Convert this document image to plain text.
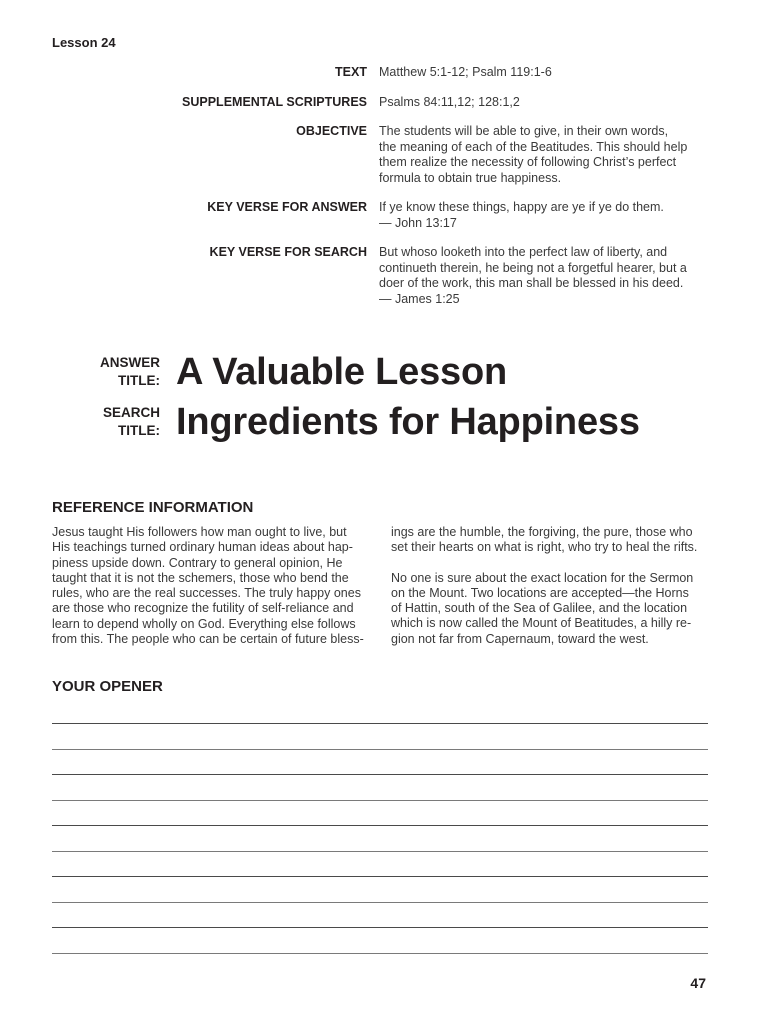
Lesson 24
TEXT Matthew 5:1-12; Psalm 119:1-6
SUPPLEMENTAL SCRIPTURES Psalms 84:11,12; 128:1,2
OBJECTIVE The students will be able to give, in their own words,
the meaning of each of the Beatitudes. This should help
them realize the necessity of following Christ’s perfect
formula to obtain true happiness.
KEY VERSE FOR ANSWER If ye know these things, happy are ye if ye do them.
— John 13:17
KEY VERSE FOR SEARCH But whoso looketh into the perfect law of liberty, and
continueth therein, he being not a forgetful hearer, but a
doer of the work, this man shall be blessed in his deed.
— James 1:25
ANSWER
TITLE: A Valuable Lesson
SEARCH
TITLE: Ingredients for Happiness
REFERENCE INFORMATION
Jesus taught His followers how man ought to live, but
His teachings turned ordinary human ideas about hap-
piness upside down. Contrary to general opinion, He
taught that it is not the schemers, those who bend the
rules, who are the real successes. The truly happy ones
are those who recognize the futility of self-reliance and
learn to depend wholly on God. Everything else follows
from this. The people who can be certain of future bless-
ings are the humble, the forgiving, the pure, those who
set their hearts on what is right, who try to heal the rifts.
No one is sure about the exact location for the Sermon
on the Mount. Two locations are accepted—the Horns
of Hattin, south of the Sea of Galilee, and the location
which is now called the Mount of Beatitudes, a hilly re-
gion not far from Capernaum, toward the west.
YOUR OPENER
47
